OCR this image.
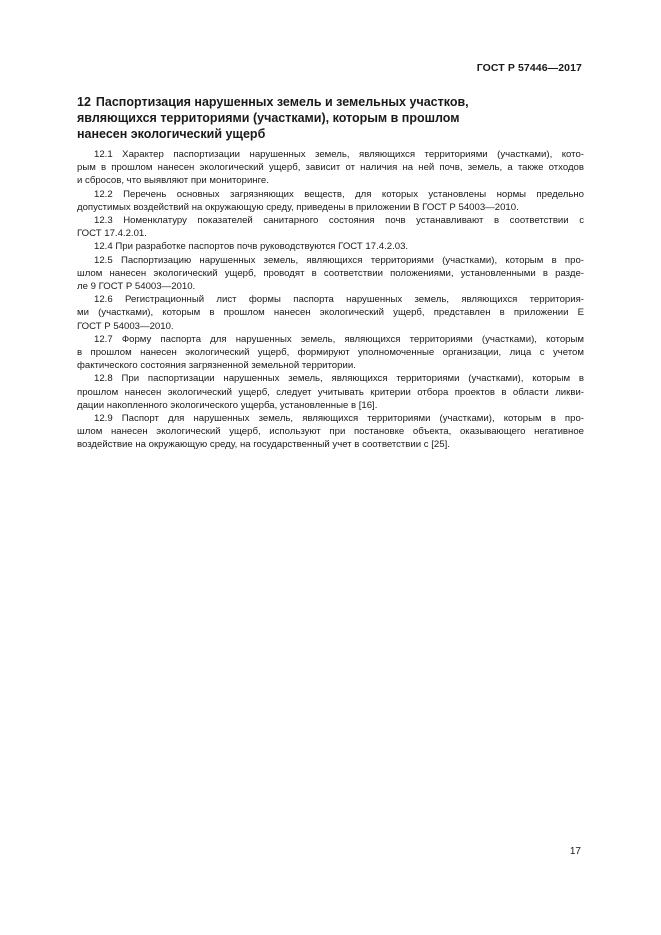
ГОСТ Р 57446—2017
12 Паспортизация нарушенных земель и земельных участков,
являющихся территориями (участками), которым в прошлом
нанесен экологический ущерб
12.1 Характер паспортизации нарушенных земель, являющихся территориями (участками), кото-
рым в прошлом нанесен экологический ущерб, зависит от наличия на ней почв, земель, а также отходов
и сбросов, что выявляют при мониторинге.
12.2 Перечень основных загрязняющих веществ, для которых установлены нормы предельно
допустимых воздействий на окружающую среду, приведены в приложении В ГОСТ Р 54003—2010.
12.3 Номенклатуру показателей санитарного состояния почв устанавливают в соответствии с
ГОСТ 17.4.2.01.
12.4 При разработке паспортов почв руководствуются ГОСТ 17.4.2.03.
12.5 Паспортизацию нарушенных земель, являющихся территориями (участками), которым в про-
шлом нанесен экологический ущерб, проводят в соответствии положениями, установленными в разде-
ле 9 ГОСТ Р 54003—2010.
12.6 Регистрационный лист формы паспорта нарушенных земель, являющихся территория-
ми (участками), которым в прошлом нанесен экологический ущерб, представлен в приложении Е
ГОСТ Р 54003—2010.
12.7 Форму паспорта для нарушенных земель, являющихся территориями (участками), которым
в прошлом нанесен экологический ущерб, формируют уполномоченные организации, лица с учетом
фактического состояния загрязненной земельной территории.
12.8 При паспортизации нарушенных земель, являющихся территориями (участками), которым в
прошлом нанесен экологический ущерб, следует учитывать критерии отбора проектов в области ликви-
дации накопленного экологического ущерба, установленные в [16].
12.9 Паспорт для нарушенных земель, являющихся территориями (участками), которым в про-
шлом нанесен экологический ущерб, используют при постановке объекта, оказывающего негативное
воздействие на окружающую среду, на государственный учет в соответствии с [25].
17
